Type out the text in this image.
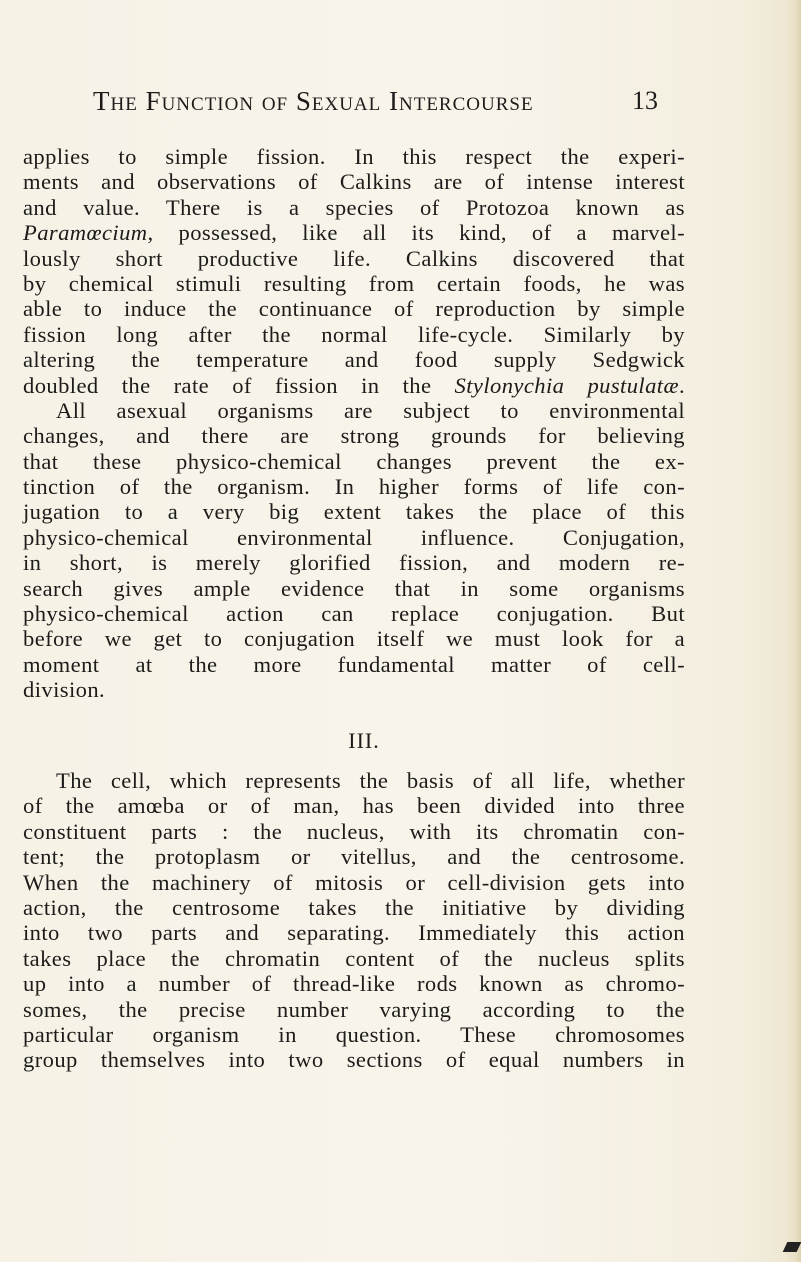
The Function of Sexual Intercourse	13
applies to simple fission. In this respect the experi-
ments and observations of Calkins are of intense interest
and value. There is a species of Protozoa known as
Paramœcium, possessed, like all its kind, of a marvel-
lously short productive life. Calkins discovered that
by chemical stimuli resulting from certain foods, he was
able to induce the continuance of reproduction by simple
fission long after the normal life-cycle. Similarly by
altering the temperature and food supply Sedgwick
doubled the rate of fission in the Stylonychia pustulatæ.
All asexual organisms are subject to environmental
changes, and there are strong grounds for believing
that these physico-chemical changes prevent the ex-
tinction of the organism. In higher forms of life con-
jugation to a very big extent takes the place of this
physico-chemical environmental influence. Conjugation,
in short, is merely glorified fission, and modern re-
search gives ample evidence that in some organisms
physico-chemical action can replace conjugation. But
before we get to conjugation itself we must look for a
moment at the more fundamental matter of cell-
division.
III.
The cell, which represents the basis of all life, whether
of the amœba or of man, has been divided into three
constituent parts : the nucleus, with its chromatin con-
tent; the protoplasm or vitellus, and the centrosome.
When the machinery of mitosis or cell-division gets into
action, the centrosome takes the initiative by dividing
into two parts and separating. Immediately this action
takes place the chromatin content of the nucleus splits
up into a number of thread-like rods known as chromo-
somes, the precise number varying according to the
particular organism in question. These chromosomes
group themselves into two sections of equal numbers in
